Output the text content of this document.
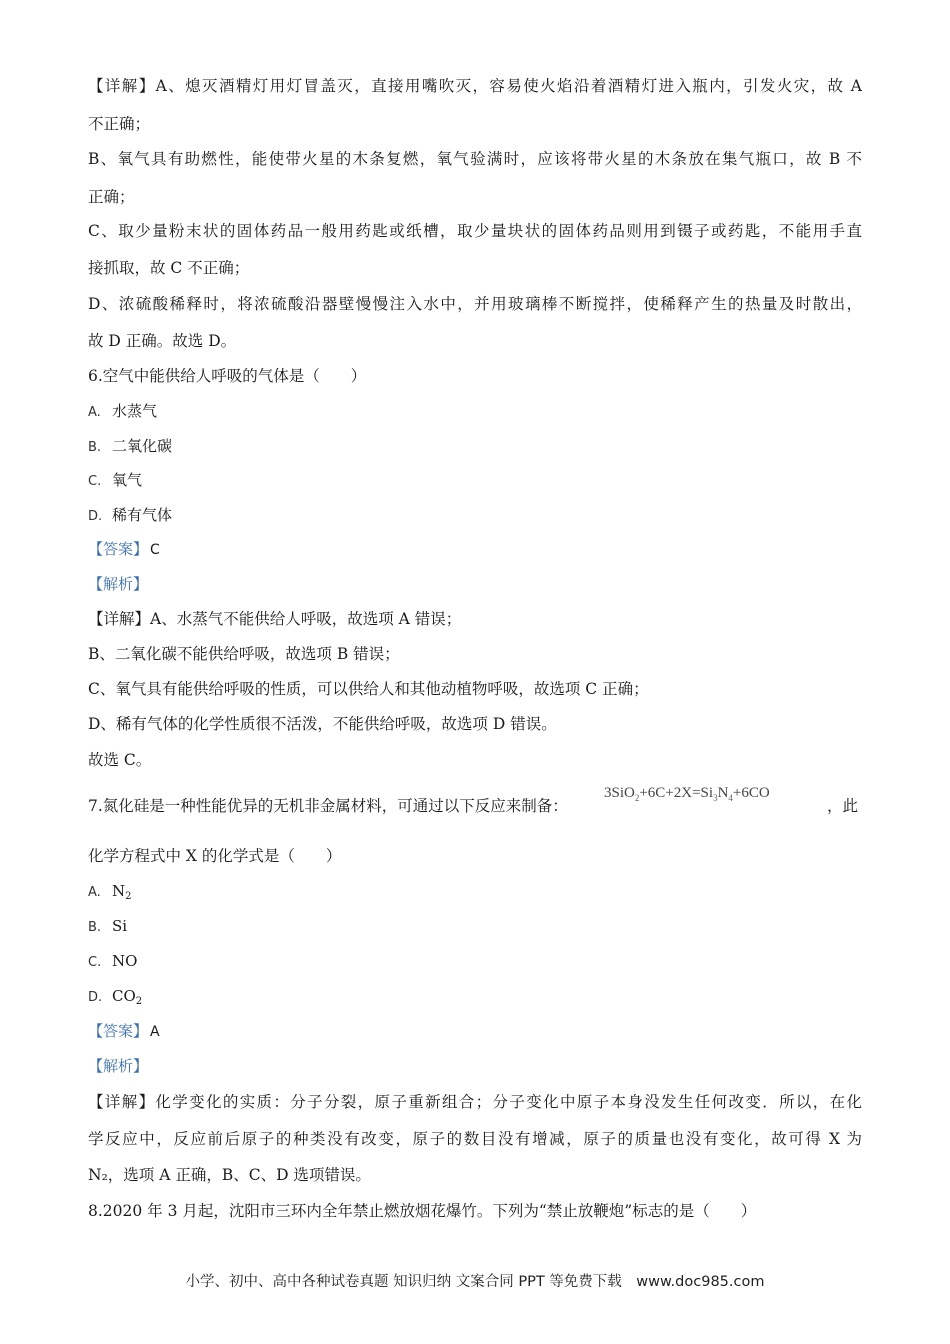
【详解】A、熄灭酒精灯用灯冒盖灭，直接用嘴吹灭，容易使火焰沿着酒精灯进入瓶内，引发火灾，故 A
不正确；
B、氧气具有助燃性，能使带火星的木条复燃，氧气验满时，应该将带火星的木条放在集气瓶口，故 B 不
正确；
C、取少量粉末状的固体药品一般用药匙或纸槽，取少量块状的固体药品则用到镊子或药匙，不能用手直
接抓取，故 C 不正确；
D、浓硫酸稀释时，将浓硫酸沿器壁慢慢注入水中，并用玻璃棒不断搅拌，使稀释产生的热量及时散出，
故 D 正确。故选 D。
6.空气中能供给人呼吸的气体是（　　）
A. 水蒸气
B. 二氧化碳
C. 氧气
D. 稀有气体
【答案】 C
【解析】
【详解】A、水蒸气不能供给人呼吸，故选项 A 错误；
B、二氧化碳不能供给呼吸，故选项 B 错误；
C、氧气具有能供给呼吸的性质，可以供给人和其他动植物呼吸，故选项 C 正确；
D、稀有气体的化学性质很不活泼，不能供给呼吸，故选项 D 错误。
故选 C。
7.氮化硅是一种性能优异的无机非金属材料，可通过以下反应来制备：
$3SiO_2+6C+2X=Si_3N_4+6CO$
，此
化学方程式中 X 的化学式是（　　）
A. $N_2$
B. Si
C. NO
D. $CO_2$
【答案】 A
【解析】
【详解】化学变化的实质：分子分裂，原子重新组合；分子变化中原子本身没发生任何改变．所以，在化
学反应中，反应前后原子的种类没有改变，原子的数目没有增减，原子的质量也没有变化，故可得 X 为
N₂，选项 A 正确，B、C、D 选项错误。
8.2020 年 3 月起，沈阳市三环内全年禁止燃放烟花爆竹。下列为“禁止放鞭炮”标志的是（　　）
小学、初中、高中各种试卷真题 知识归纳 文案合同 PPT 等免费下载　www.doc985.com
